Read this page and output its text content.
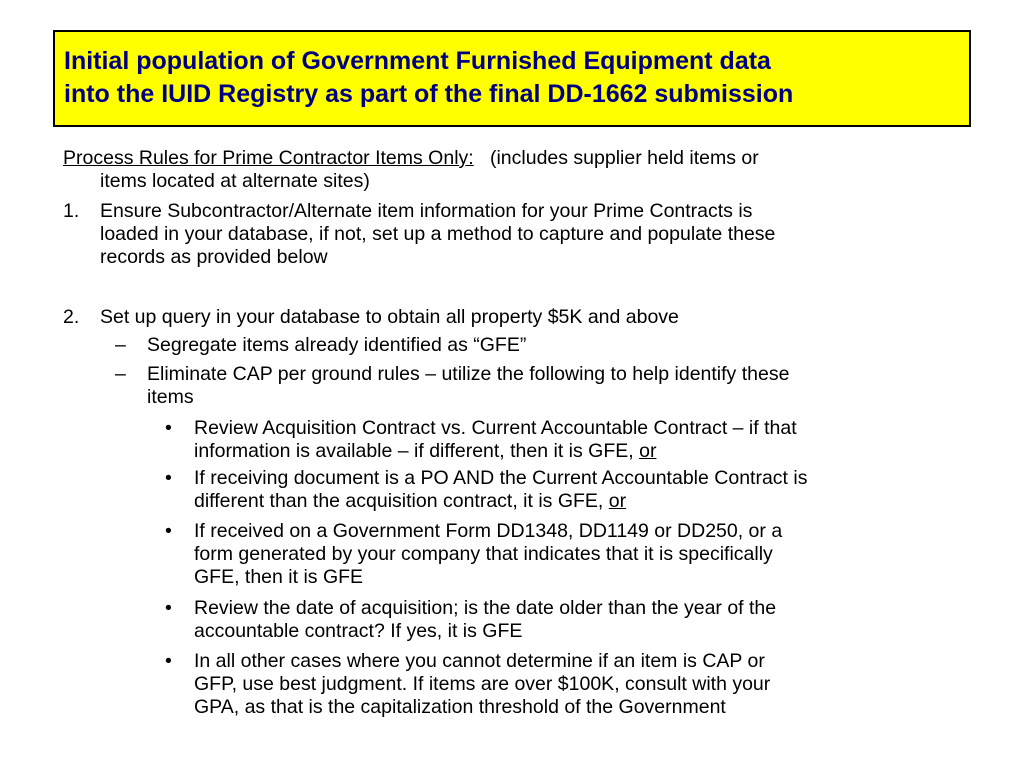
Initial population of Government Furnished Equipment data
into the IUID Registry as part of the final DD-1662 submission
Process Rules for Prime Contractor Items Only: (includes supplier held items or
items located at alternate sites)
1. Ensure Subcontractor/Alternate item information for your Prime Contracts is
loaded in your database, if not, set up a method to capture and populate these
records as provided below
2. Set up query in your database to obtain all property $5K and above
– Segregate items already identified as “GFE”
– Eliminate CAP per ground rules – utilize the following to help identify these
items
• Review Acquisition Contract vs. Current Accountable Contract – if that
information is available – if different, then it is GFE, or
• If receiving document is a PO AND the Current Accountable Contract is
different than the acquisition contract, it is GFE, or
• If received on a Government Form DD1348, DD1149 or DD250, or a
form generated by your company that indicates that it is specifically
GFE, then it is GFE
• Review the date of acquisition; is the date older than the year of the
accountable contract? If yes, it is GFE
• In all other cases where you cannot determine if an item is CAP or
GFP, use best judgment. If items are over $100K, consult with your
GPA, as that is the capitalization threshold of the Government
